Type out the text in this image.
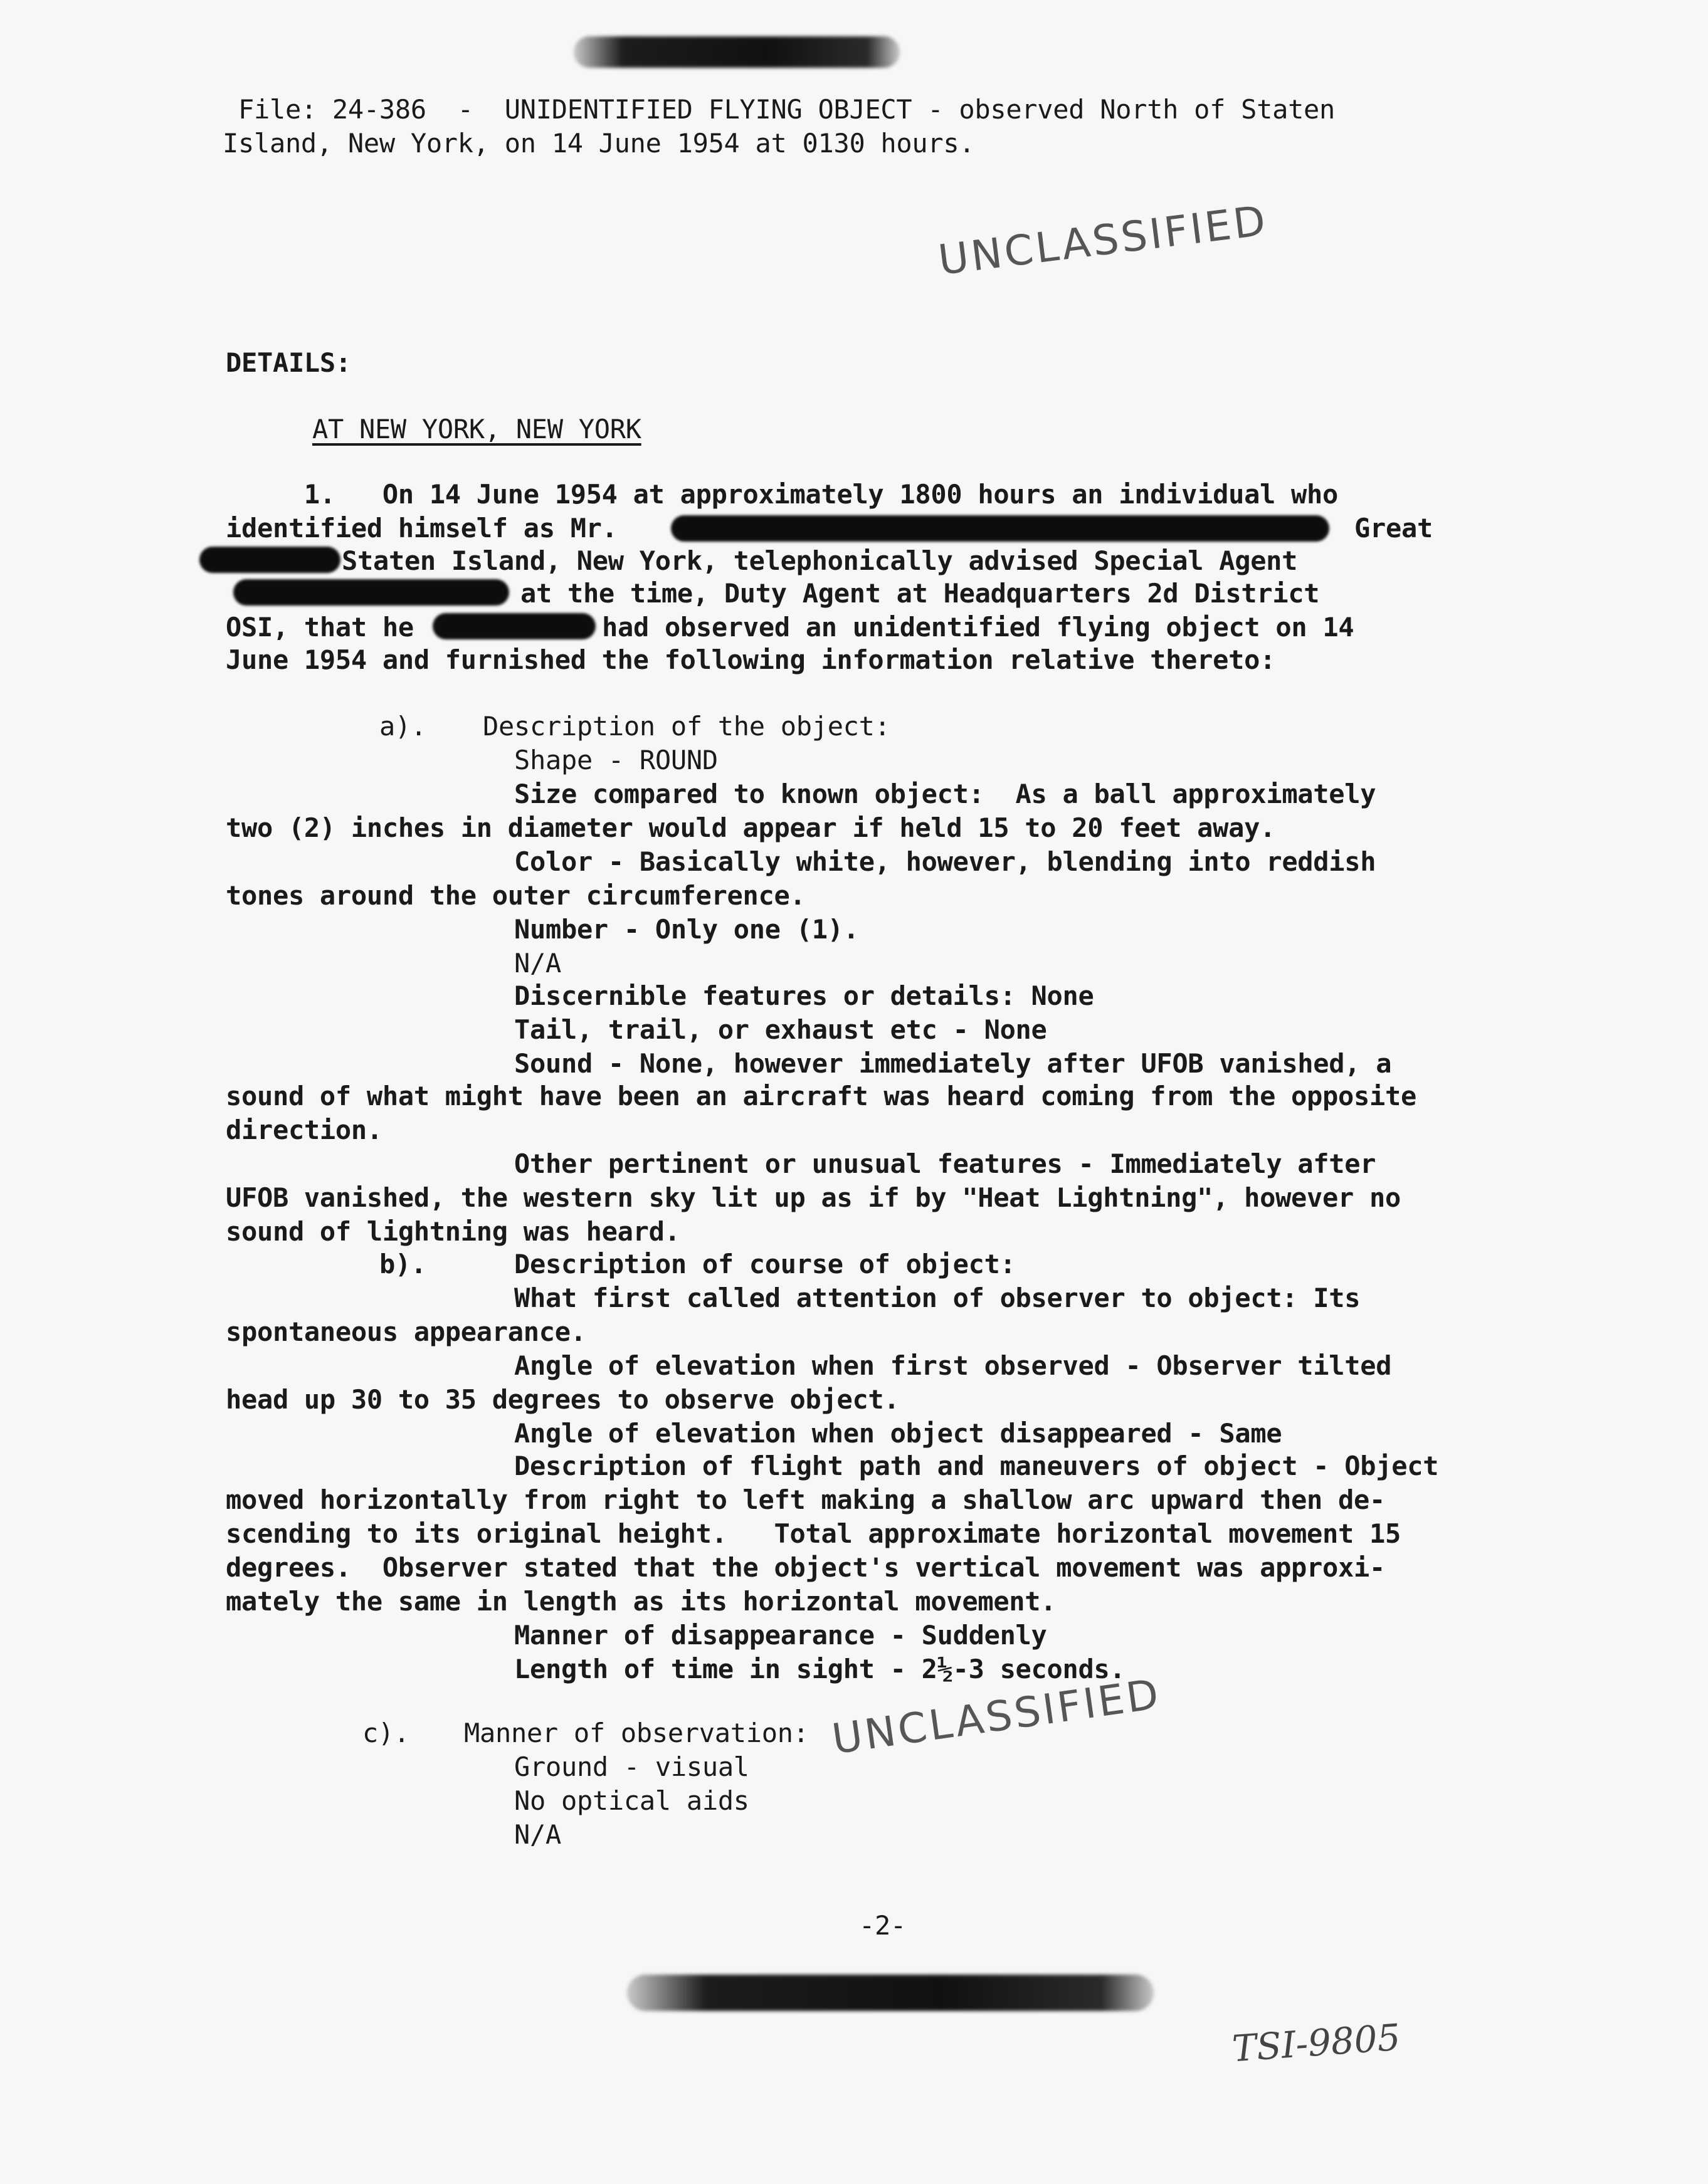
File: 24-386  -  UNIDENTIFIED FLYING OBJECT - observed North of Staten
Island, New York, on 14 June 1954 at 0130 hours.
UNCLASSIFIED
DETAILS:
AT NEW YORK, NEW YORK
1.   On 14 June 1954 at approximately 1800 hours an individual who
identified himself as Mr.	Great
Staten Island, New York, telephonically advised Special Agent
at the time, Duty Agent at Headquarters 2d District
OSI, that he	had observed an unidentified flying object on 14
June 1954 and furnished the following information relative thereto:
a). Description of the object:
Shape - ROUND
Size compared to known object:  As a ball approximately
two (2) inches in diameter would appear if held 15 to 20 feet away.
Color - Basically white, however, blending into reddish
tones around the outer circumference.
Number - Only one (1).
N/A
Discernible features or details: None
Tail, trail, or exhaust etc - None
Sound - None, however immediately after UFOB vanished, a
sound of what might have been an aircraft was heard coming from the opposite
direction.
Other pertinent or unusual features - Immediately after
UFOB vanished, the western sky lit up as if by "Heat Lightning", however no
sound of lightning was heard.
b).	Description of course of object:
What first called attention of observer to object: Its
spontaneous appearance.
Angle of elevation when first observed - Observer tilted
head up 30 to 35 degrees to observe object.
Angle of elevation when object disappeared - Same
Description of flight path and maneuvers of object - Object
moved horizontally from right to left making a shallow arc upward then de-
scending to its original height.   Total approximate horizontal movement 15
degrees.  Observer stated that the object's vertical movement was approxi-
mately the same in length as its horizontal movement.
Manner of disappearance - Suddenly
Length of time in sight - 2½-3 seconds.
c). Manner of observation: UNCLASSIFIED
Ground - visual
No optical aids
N/A
-2-
TSI-9805
